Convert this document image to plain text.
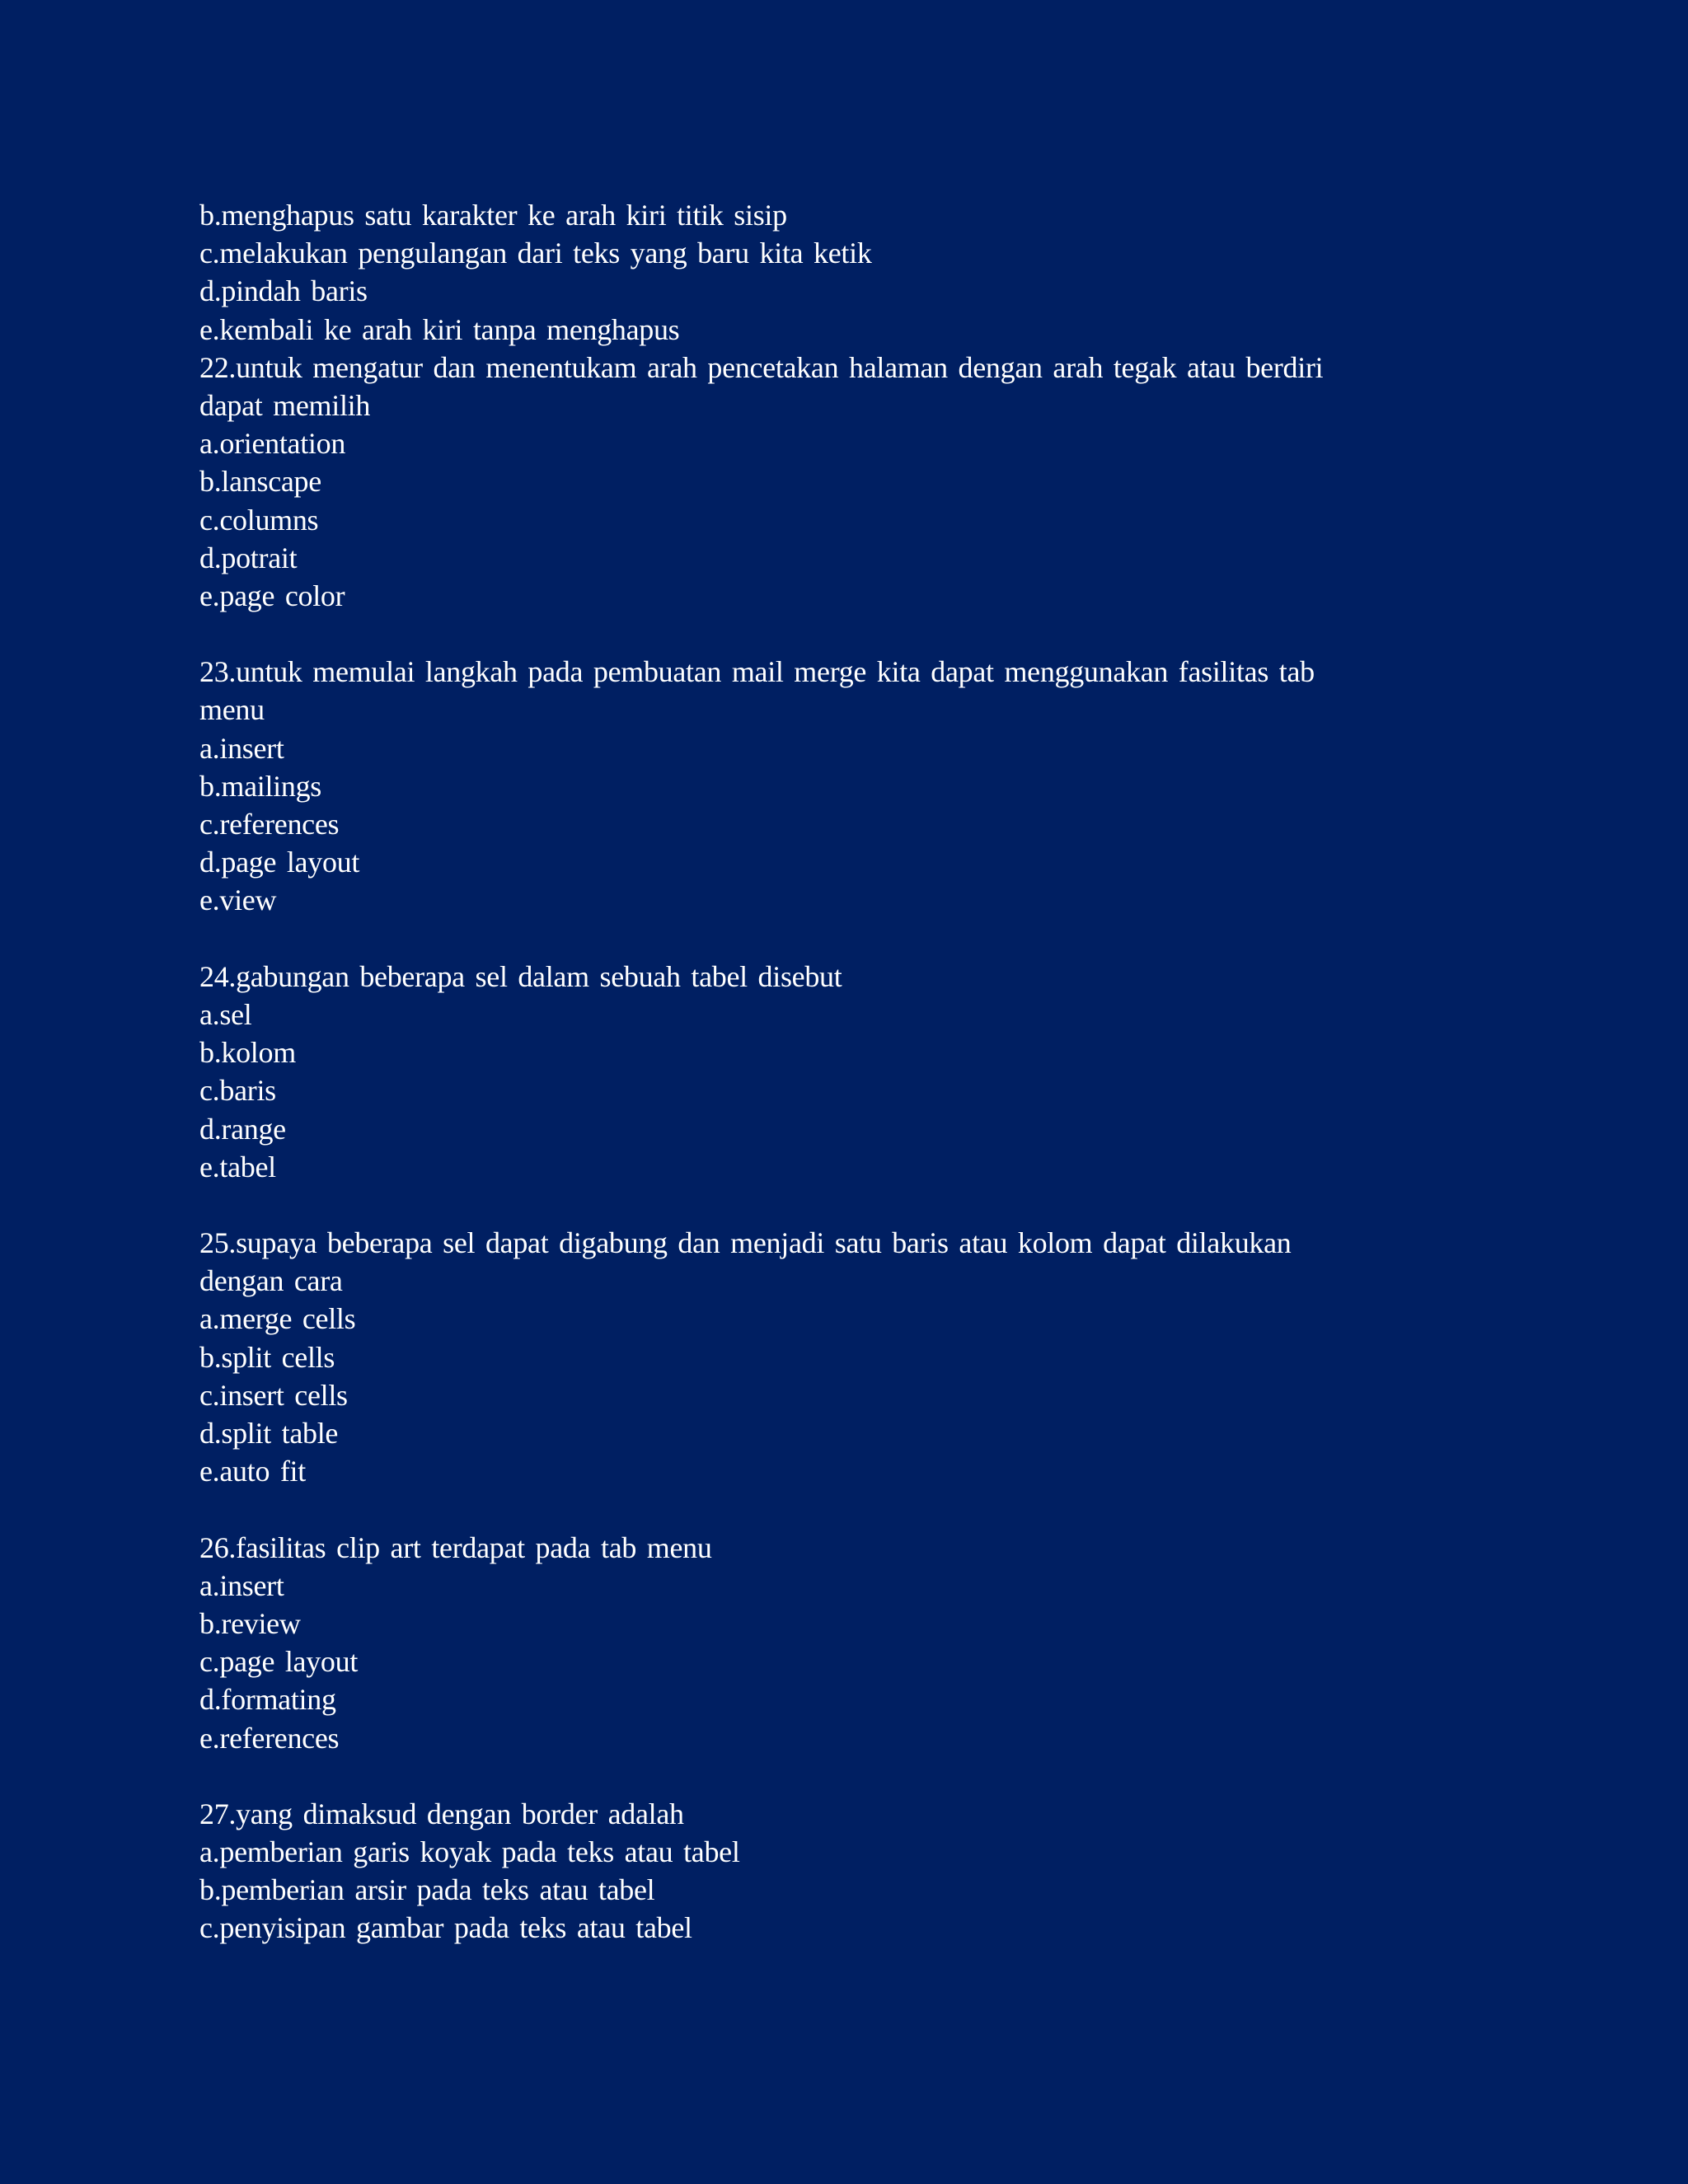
b.menghapus satu karakter ke arah kiri titik sisip
c.melakukan pengulangan dari teks yang baru kita ketik
d.pindah baris
e.kembali ke arah kiri tanpa menghapus
22.untuk mengatur dan menentukam arah pencetakan halaman dengan arah tegak atau berdiri
dapat memilih
a.orientation
b.lanscape
c.columns
d.potrait
e.page color
23.untuk memulai langkah pada pembuatan mail merge kita dapat menggunakan fasilitas tab
menu
a.insert
b.mailings
c.references
d.page layout
e.view
24.gabungan beberapa sel dalam sebuah tabel disebut
a.sel
b.kolom
c.baris
d.range
e.tabel
25.supaya beberapa sel dapat digabung dan menjadi satu baris atau kolom dapat dilakukan
dengan cara
a.merge cells
b.split cells
c.insert cells
d.split table
e.auto fit
26.fasilitas clip art terdapat pada tab menu
a.insert
b.review
c.page layout
d.formating
e.references
27.yang dimaksud dengan border adalah
a.pemberian garis koyak pada teks atau tabel
b.pemberian arsir pada teks atau tabel
c.penyisipan gambar pada teks atau tabel
